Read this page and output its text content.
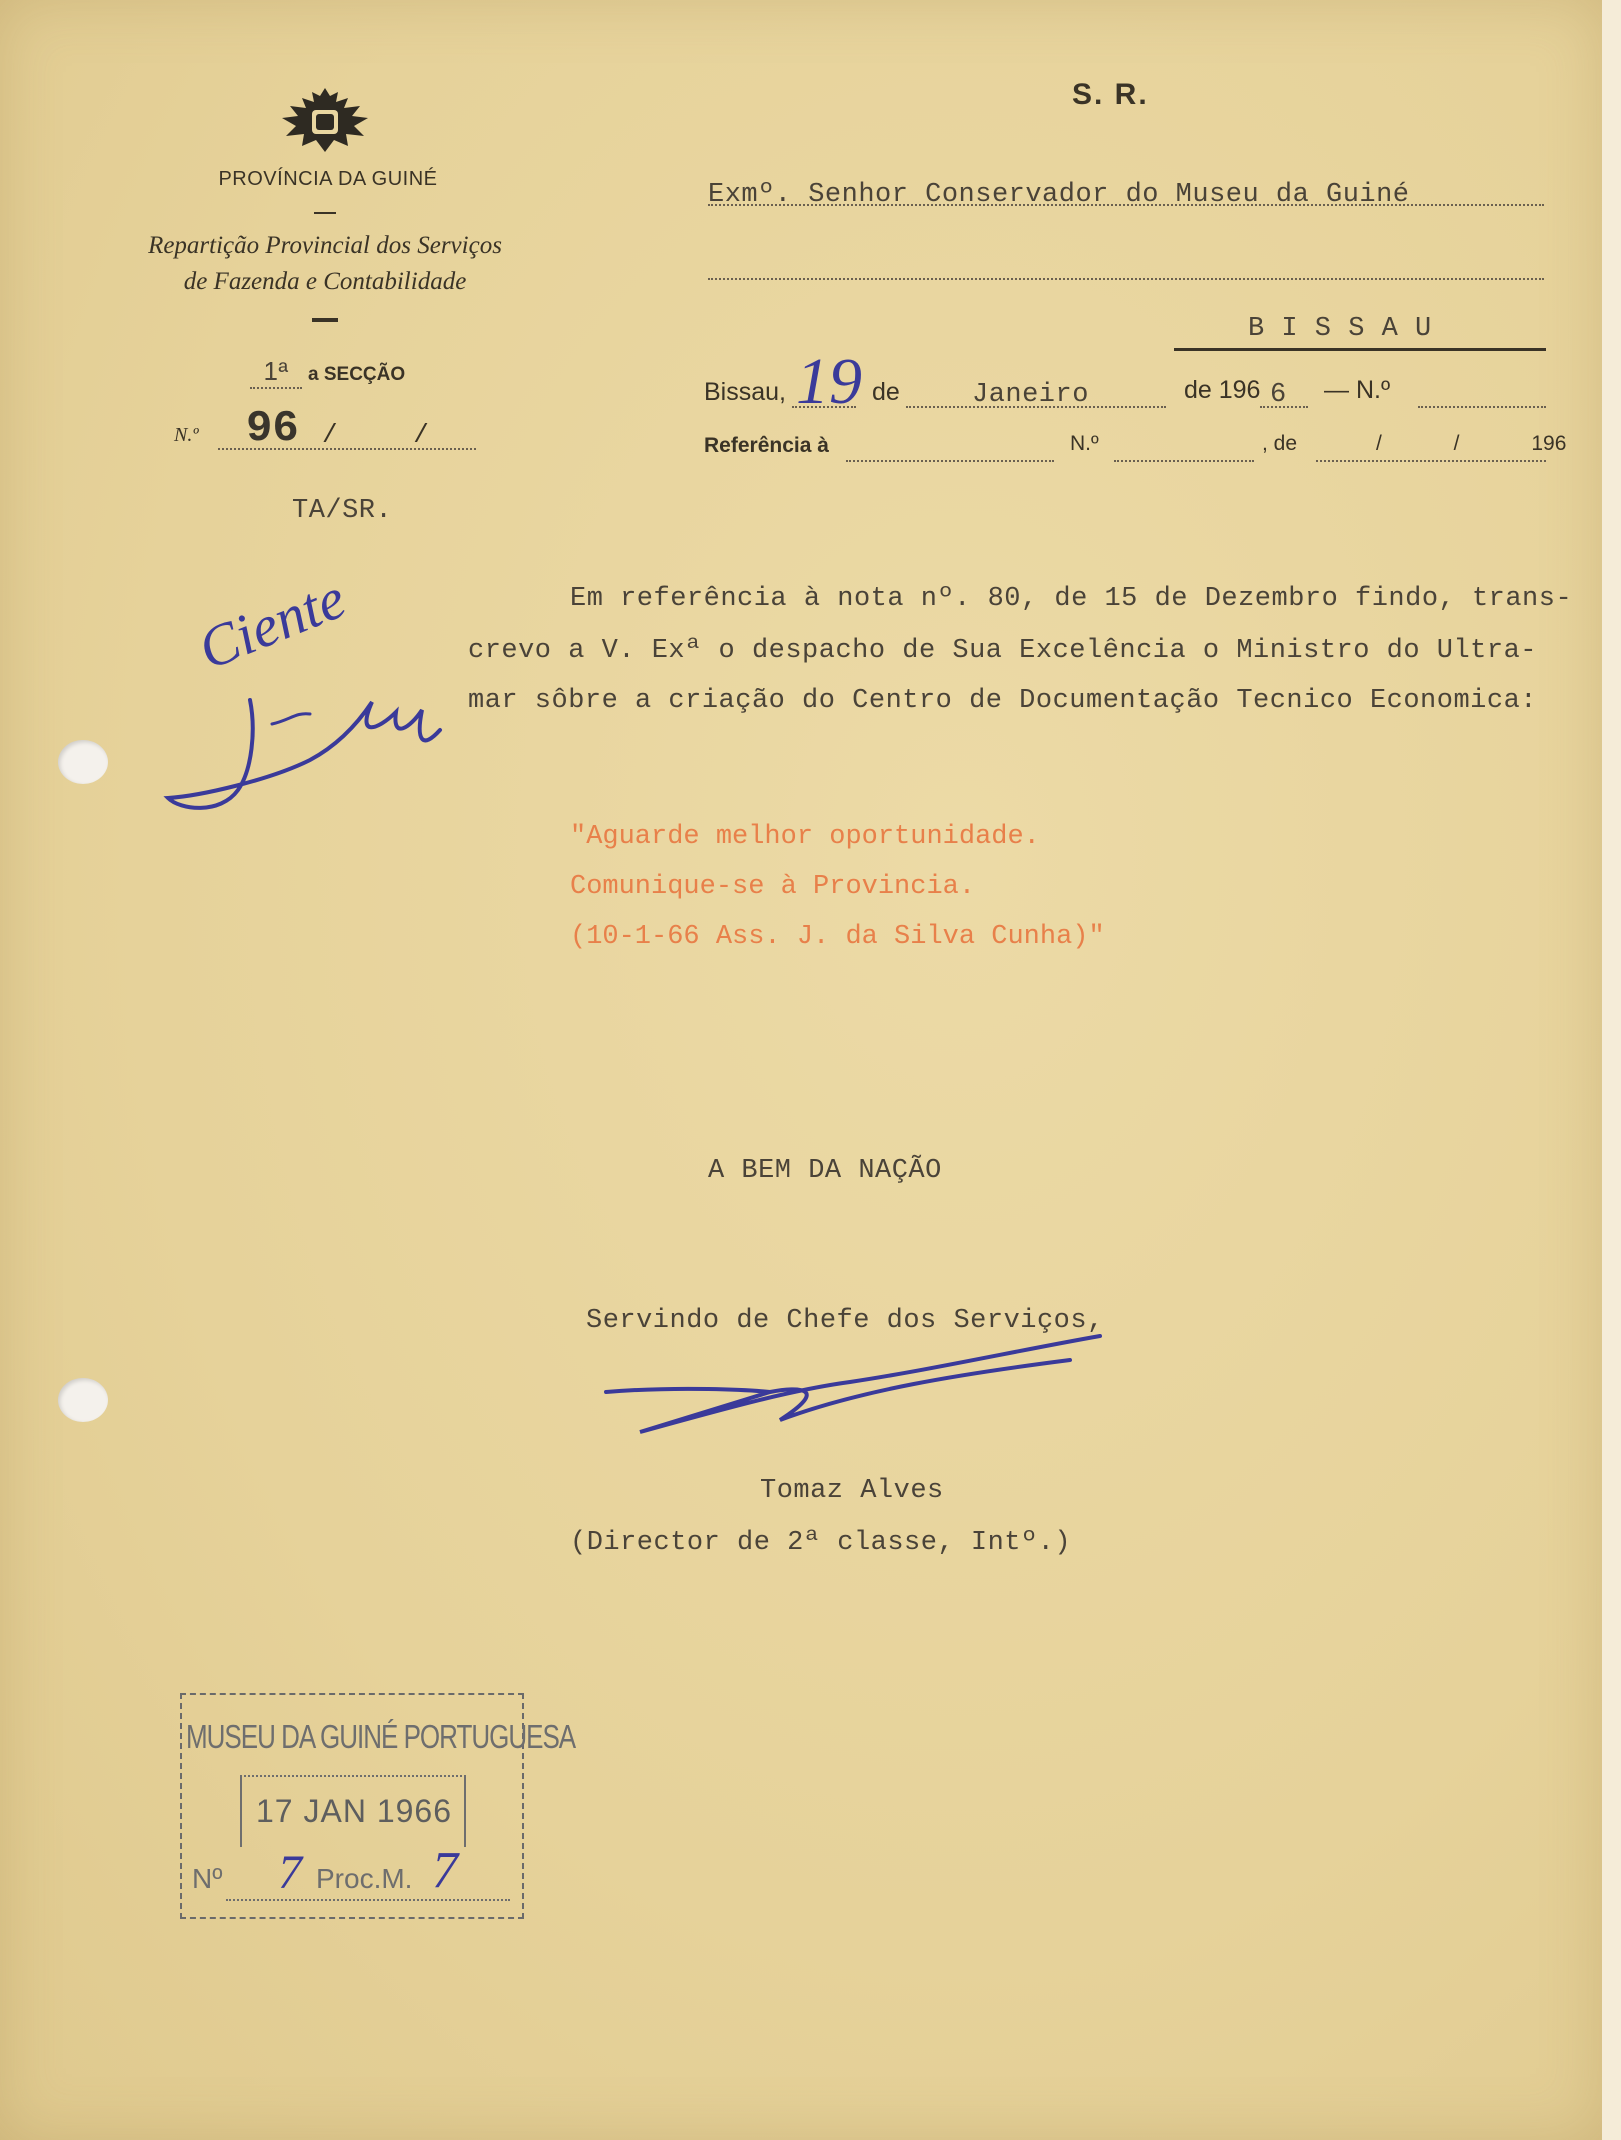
PROVÍNCIA DA GUINÉ
Repartição Provincial dos Serviços
de Fazenda e Contabilidade
1ª	a SECÇÃO
N.º 96 / /
TA/SR.
Ciente
S. R.
Exmº. Senhor Conservador do Museu da Guiné
B I S S A U
Bissau, 19 de	Janeiro	de 196 6 — N.º
Referência à	N.º	, de	/ / 196
Em referência à nota nº. 80, de 15 de Dezembro findo, trans-
crevo a V. Exª o despacho de Sua Excelência o Ministro do Ultra-
mar sôbre a criação do Centro de Documentação Tecnico Economica:
"Aguarde melhor oportunidade.
Comunique-se à Provincia.
(10-1-66 Ass. J. da Silva Cunha)"
A BEM DA NAÇÃO
Servindo de Chefe dos Serviços,
Tomaz Alves
(Director de 2ª classe, Intº.)
MUSEU DA GUINÉ PORTUGUESA
17 JAN 1966
Nº 7 Proc.M. 7
